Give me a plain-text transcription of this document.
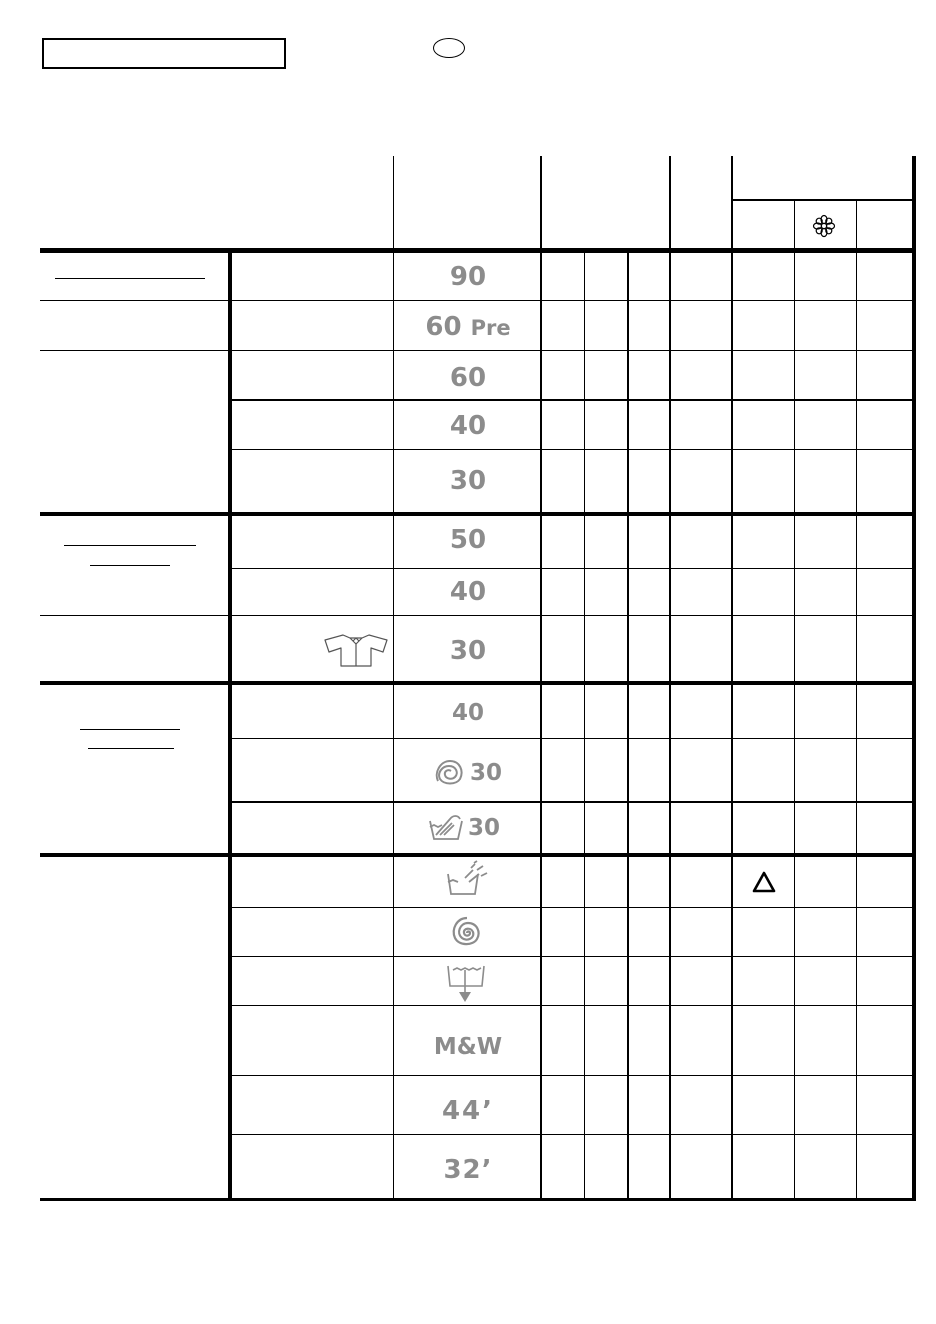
90
60 Pre
60
40
30
50
40
30
40
30
30
M&W
44’
32’
